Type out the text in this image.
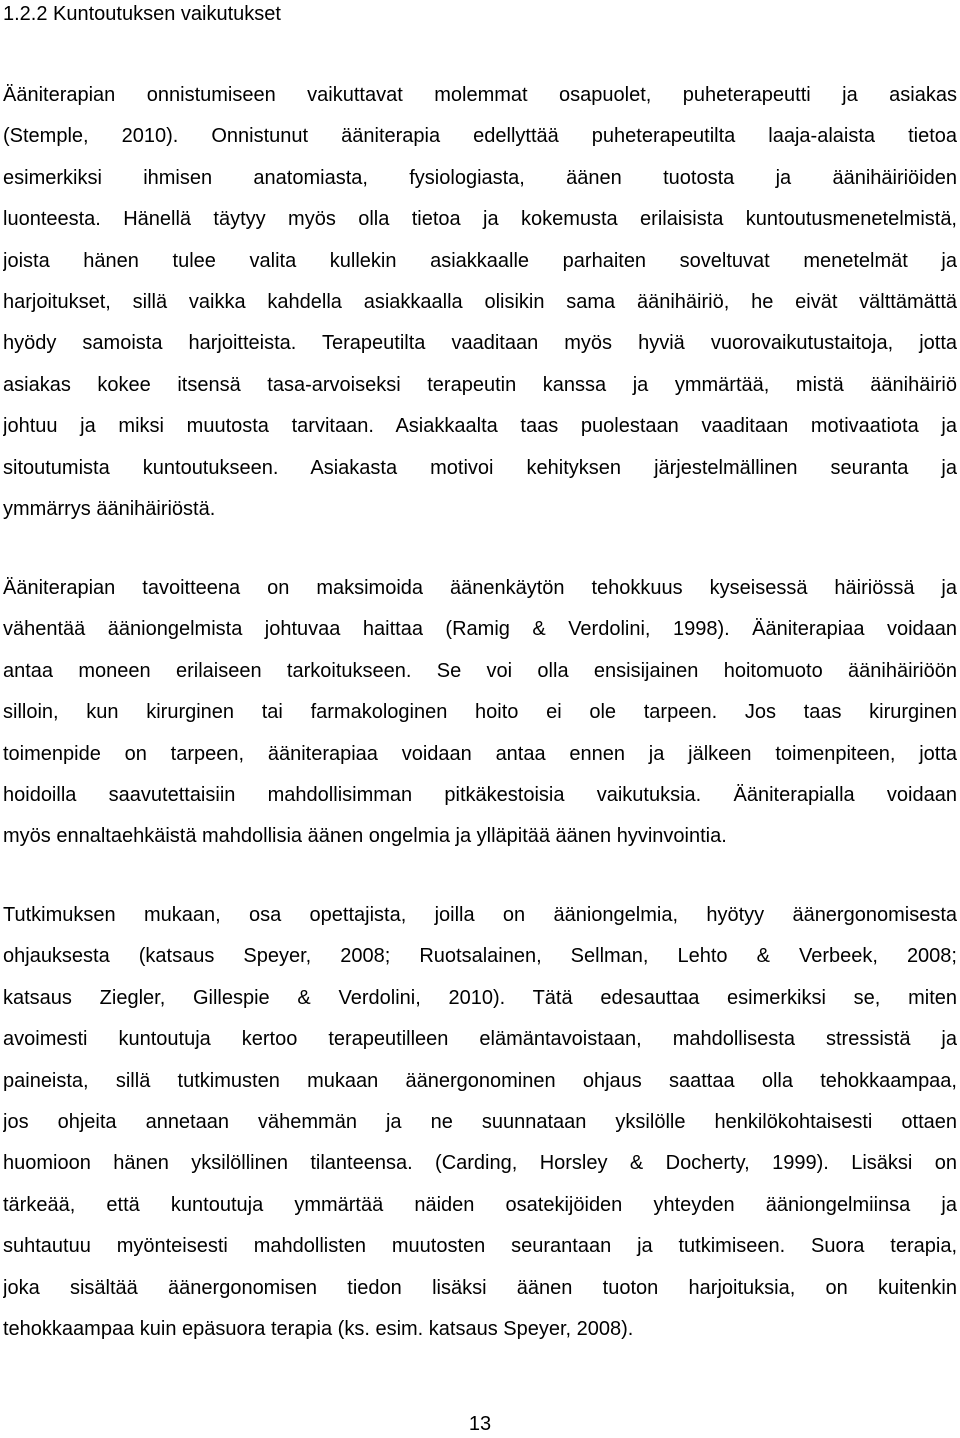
1.2.2 Kuntoutuksen vaikutukset
Ääniterapian onnistumiseen vaikuttavat molemmat osapuolet, puheterapeutti ja asiakas
(Stemple, 2010). Onnistunut ääniterapia edellyttää puheterapeutilta laaja-alaista tietoa
esimerkiksi ihmisen anatomiasta, fysiologiasta, äänen tuotosta ja äänihäiriöiden
luonteesta. Hänellä täytyy myös olla tietoa ja kokemusta erilaisista kuntoutusmenetelmistä,
joista hänen tulee valita kullekin asiakkaalle parhaiten soveltuvat menetelmät ja
harjoitukset, sillä vaikka kahdella asiakkaalla olisikin sama äänihäiriö, he eivät välttämättä
hyödy samoista harjoitteista. Terapeutilta vaaditaan myös hyviä vuorovaikutustaitoja, jotta
asiakas kokee itsensä tasa-arvoiseksi terapeutin kanssa ja ymmärtää, mistä äänihäiriö
johtuu ja miksi muutosta tarvitaan. Asiakkaalta taas puolestaan vaaditaan motivaatiota ja
sitoutumista kuntoutukseen. Asiakasta motivoi kehityksen järjestelmällinen seuranta ja
ymmärrys äänihäiriöstä.
Ääniterapian tavoitteena on maksimoida äänenkäytön tehokkuus kyseisessä häiriössä ja
vähentää ääniongelmista johtuvaa haittaa (Ramig & Verdolini, 1998). Ääniterapiaa voidaan
antaa moneen erilaiseen tarkoitukseen. Se voi olla ensisijainen hoitomuoto äänihäiriöön
silloin, kun kirurginen tai farmakologinen hoito ei ole tarpeen. Jos taas kirurginen
toimenpide on tarpeen, ääniterapiaa voidaan antaa ennen ja jälkeen toimenpiteen, jotta
hoidoilla saavutettaisiin mahdollisimman pitkäkestoisia vaikutuksia. Ääniterapialla voidaan
myös ennaltaehkäistä mahdollisia äänen ongelmia ja ylläpitää äänen hyvinvointia.
Tutkimuksen mukaan, osa opettajista, joilla on ääniongelmia, hyötyy äänergonomisesta
ohjauksesta (katsaus Speyer, 2008; Ruotsalainen, Sellman, Lehto & Verbeek, 2008;
katsaus Ziegler, Gillespie & Verdolini, 2010). Tätä edesauttaa esimerkiksi se, miten
avoimesti kuntoutuja kertoo terapeutilleen elämäntavoistaan, mahdollisesta stressistä ja
paineista, sillä tutkimusten mukaan äänergonominen ohjaus saattaa olla tehokkaampaa,
jos ohjeita annetaan vähemmän ja ne suunnataan yksilölle henkilökohtaisesti ottaen
huomioon hänen yksilöllinen tilanteensa. (Carding, Horsley & Docherty, 1999). Lisäksi on
tärkeää, että kuntoutuja ymmärtää näiden osatekijöiden yhteyden ääniongelmiinsa ja
suhtautuu myönteisesti mahdollisten muutosten seurantaan ja tutkimiseen. Suora terapia,
joka sisältää äänergonomisen tiedon lisäksi äänen tuoton harjoituksia, on kuitenkin
tehokkaampaa kuin epäsuora terapia (ks. esim. katsaus Speyer, 2008).
13
